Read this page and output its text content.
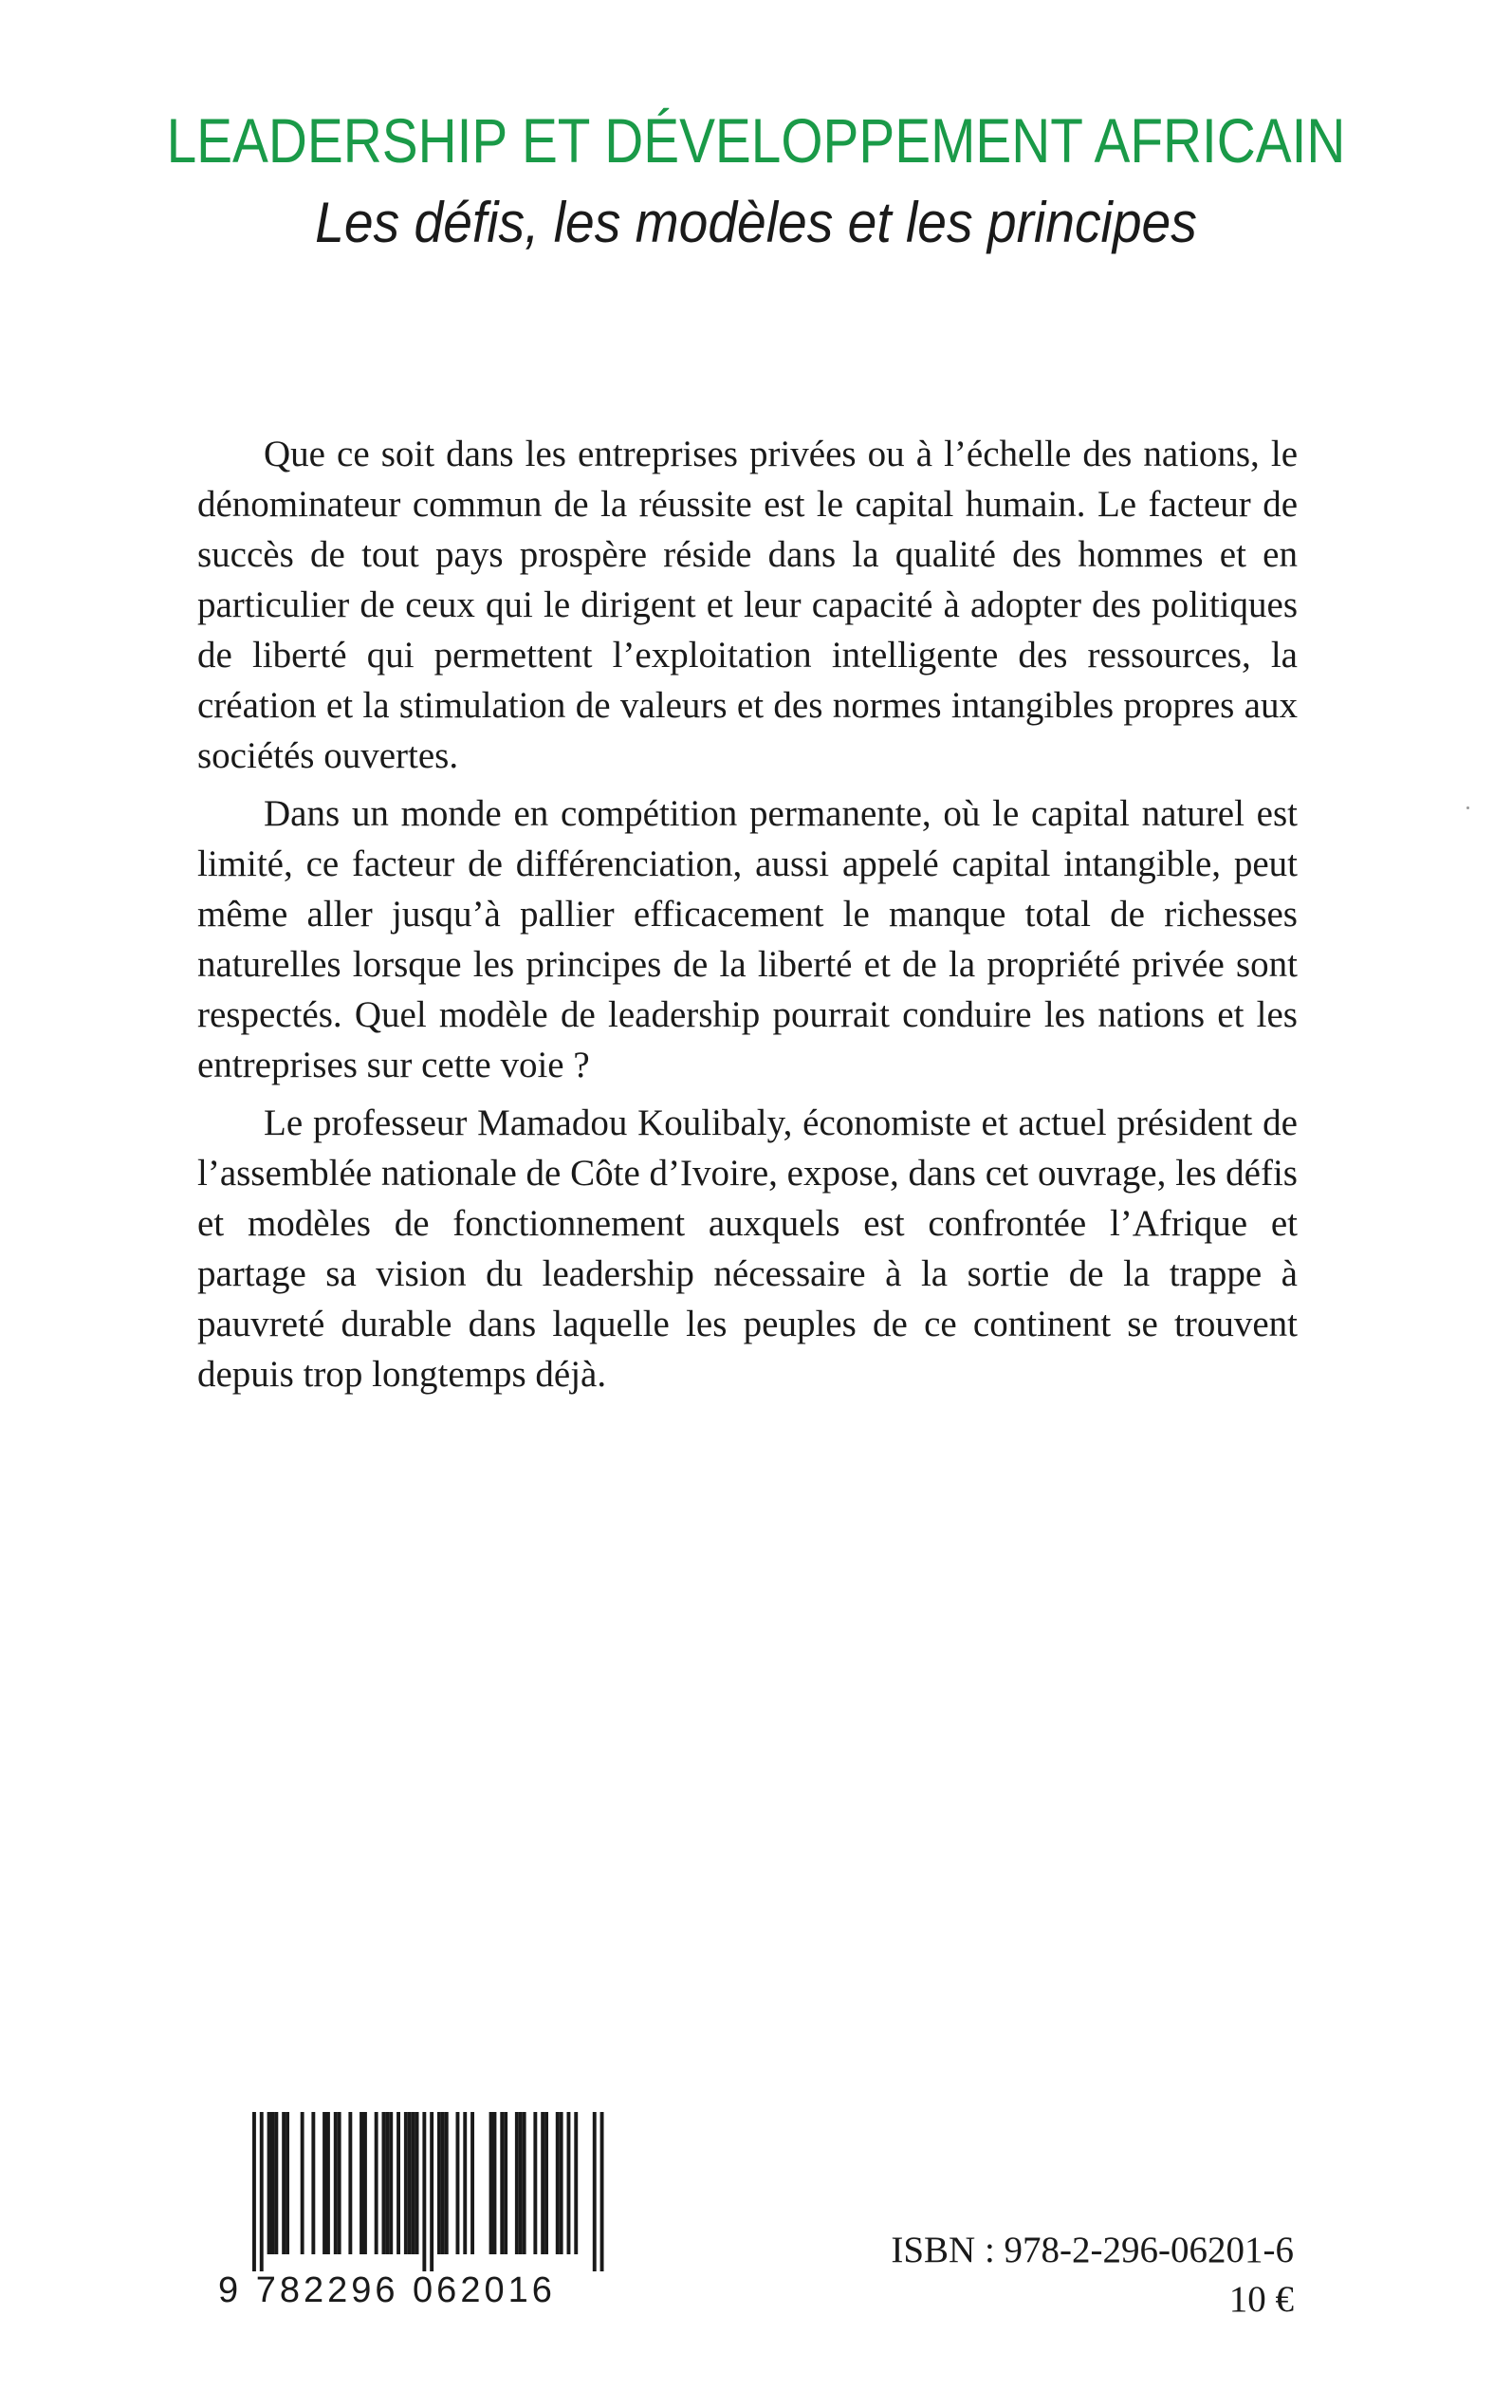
LEADERSHIP ET DÉVELOPPEMENT AFRICAIN
Les défis, les modèles et les principes

Que ce soit dans les entreprises privées ou à l’échelle des nations, le dénominateur commun de la réussite est le capital humain. Le facteur de succès de tout pays prospère réside dans la qualité des hommes et en particulier de ceux qui le dirigent et leur capacité à adopter des politiques de liberté qui permettent l’exploitation intelligente des ressources, la création et la stimulation de valeurs et des normes intangibles propres aux sociétés ouvertes.

Dans un monde en compétition permanente, où le capital naturel est limité, ce facteur de différenciation, aussi appelé capital intangible, peut même aller jusqu’à pallier efficacement le manque total de richesses naturelles lorsque les principes de la liberté et de la propriété privée sont respectés. Quel modèle de leadership pourrait conduire les nations et les entreprises sur cette voie ?

Le professeur Mamadou Koulibaly, économiste et actuel président de l’assemblée nationale de Côte d’Ivoire, expose, dans cet ouvrage, les défis et modèles de fonctionnement auxquels est confrontée l’Afrique et partage sa vision du leadership nécessaire à la sortie de la trappe à pauvreté durable dans laquelle les peuples de ce continent se trouvent depuis trop longtemps déjà.

9 782296 062016
ISBN : 978-2-296-06201-6
10 €
